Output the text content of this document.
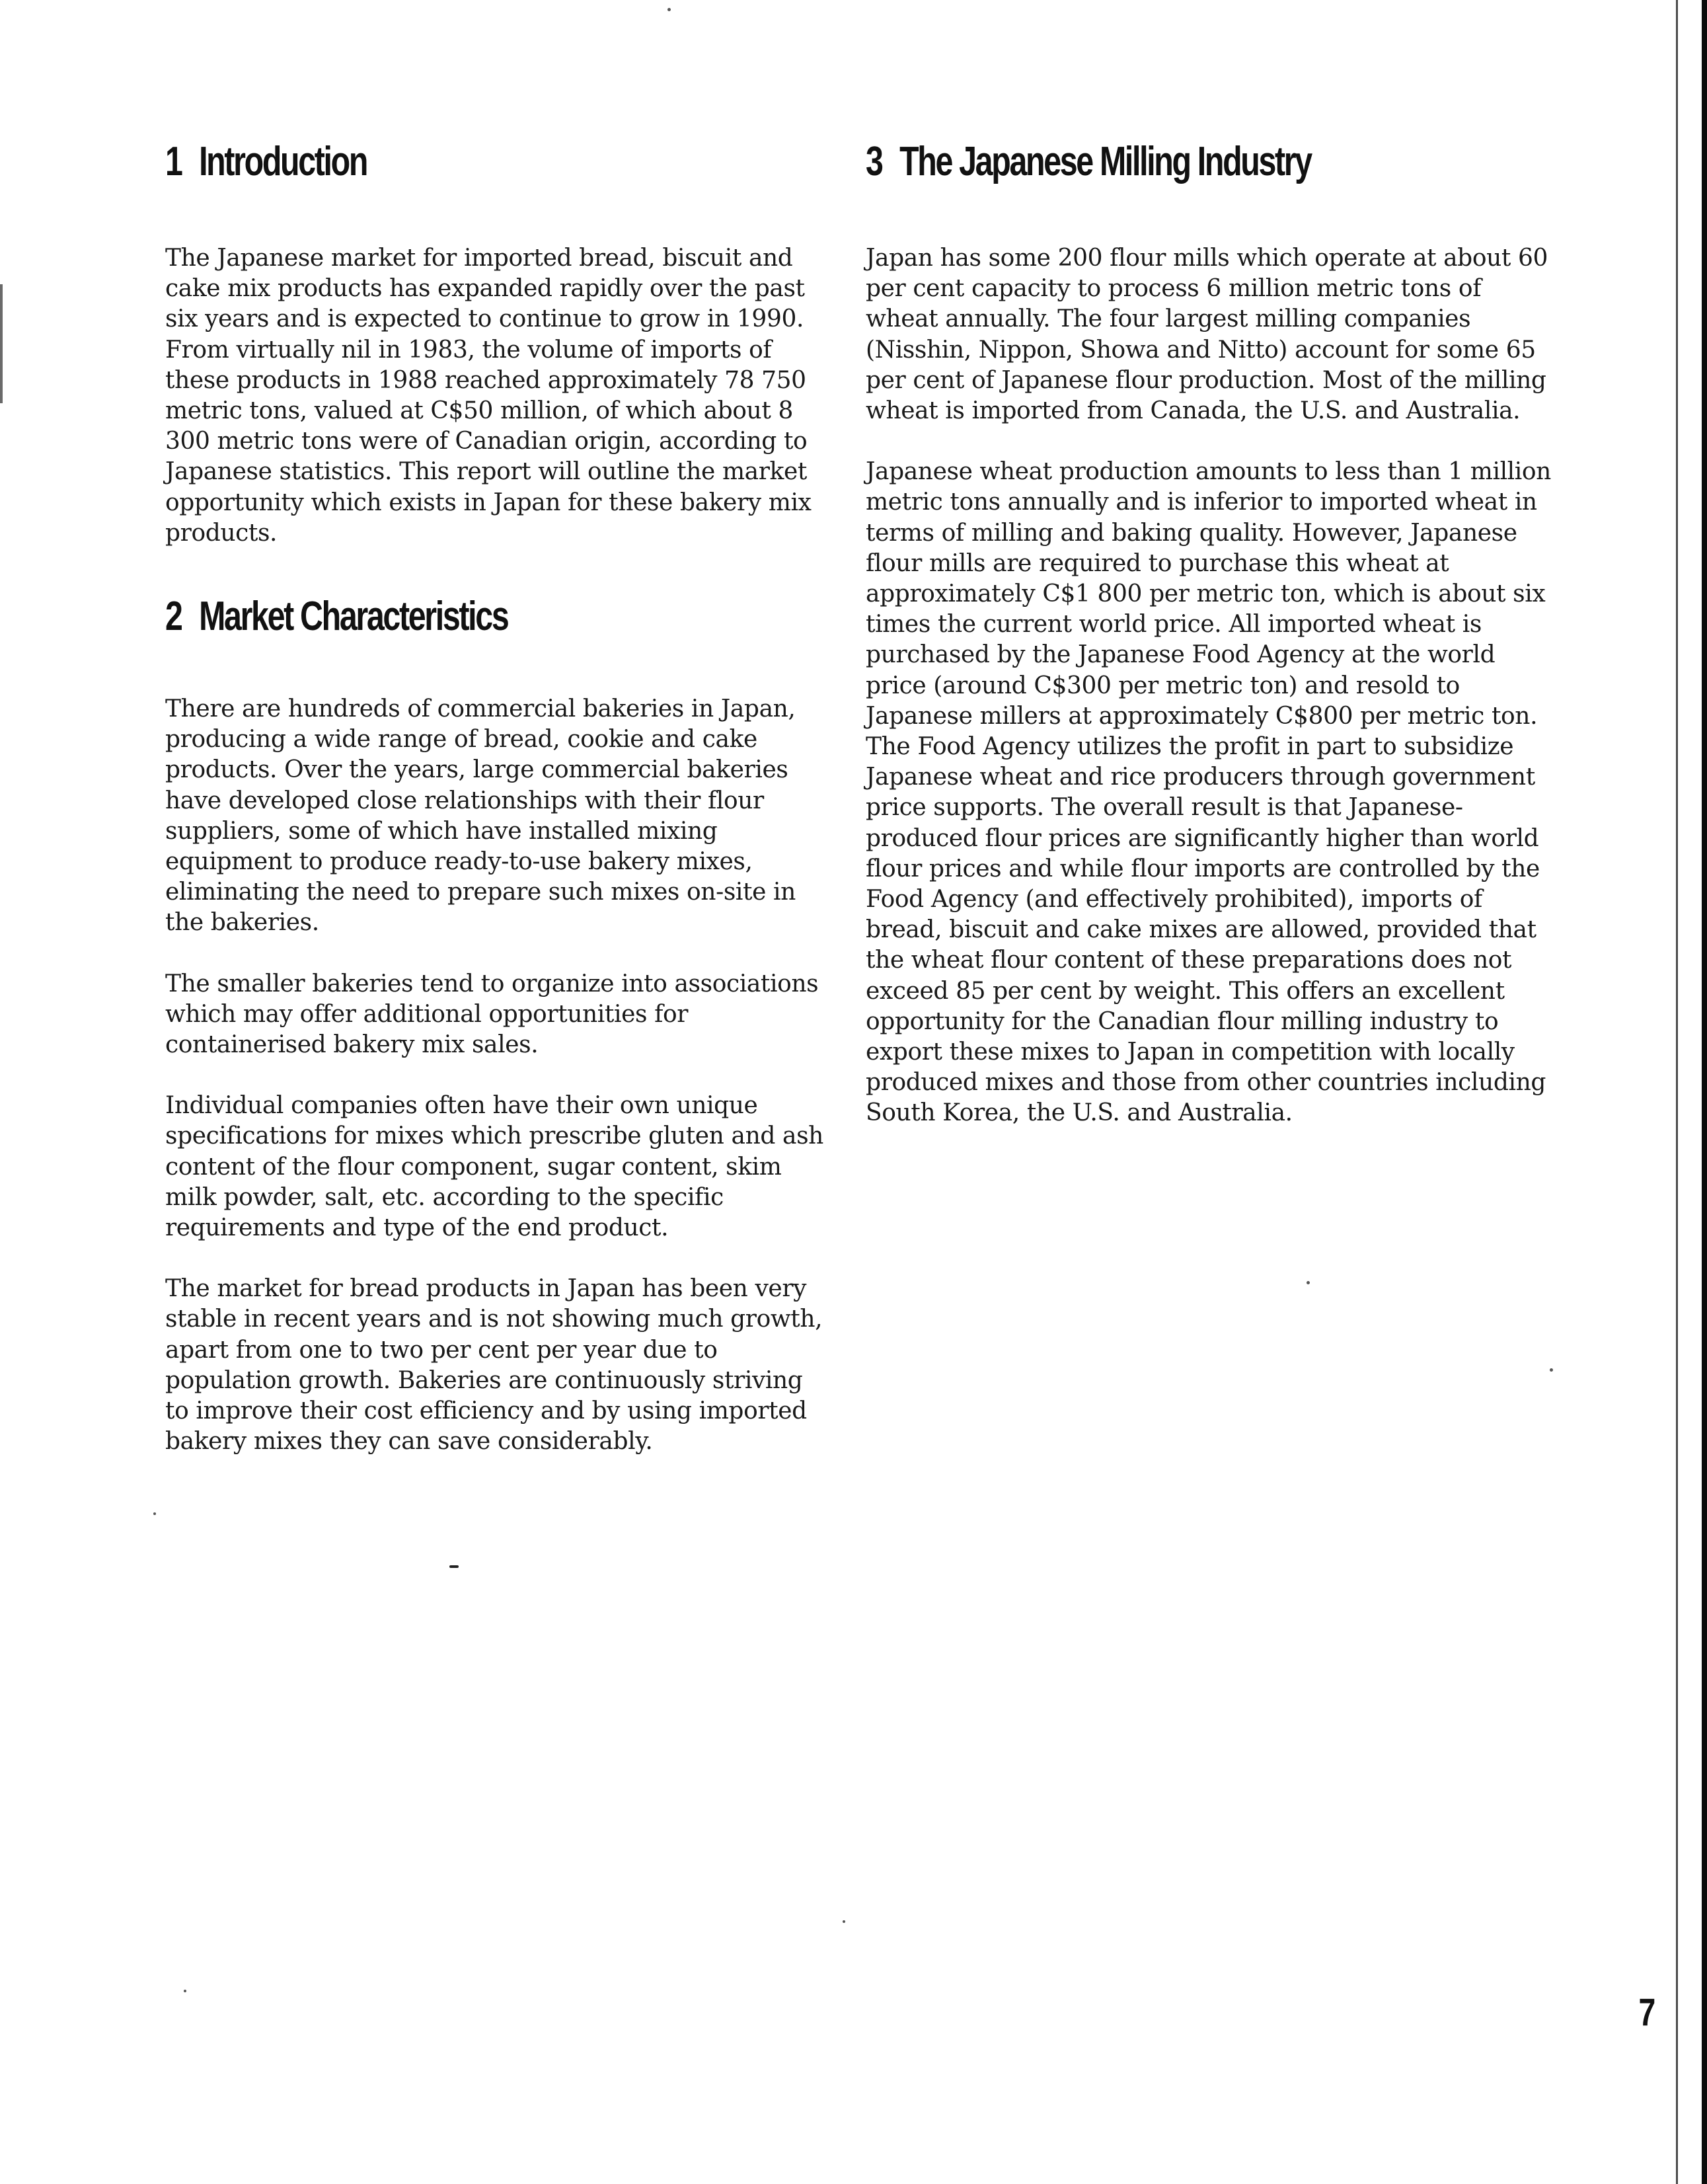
1 Introduction

The Japanese market for imported bread, biscuit and cake mix products has expanded rapidly over the past six years and is expected to continue to grow in 1990. From virtually nil in 1983, the volume of imports of these products in 1988 reached approximately 78 750 metric tons, valued at C$50 million, of which about 8 300 metric tons were of Canadian origin, according to Japanese statistics. This report will outline the market opportunity which exists in Japan for these bakery mix products.

2 Market Characteristics

There are hundreds of commercial bakeries in Japan, producing a wide range of bread, cookie and cake products. Over the years, large commercial bakeries have developed close relationships with their flour suppliers, some of which have installed mixing equipment to produce ready-to-use bakery mixes, eliminating the need to prepare such mixes on-site in the bakeries.

The smaller bakeries tend to organize into associations which may offer additional opportunities for containerised bakery mix sales.

Individual companies often have their own unique specifications for mixes which prescribe gluten and ash content of the flour component, sugar content, skim milk powder, salt, etc. according to the specific requirements and type of the end product.

The market for bread products in Japan has been very stable in recent years and is not showing much growth, apart from one to two per cent per year due to population growth. Bakeries are continuously striving to improve their cost efficiency and by using imported bakery mixes they can save considerably.

3 The Japanese Milling Industry

Japan has some 200 flour mills which operate at about 60 per cent capacity to process 6 million metric tons of wheat annually. The four largest milling companies (Nisshin, Nippon, Showa and Nitto) account for some 65 per cent of Japanese flour production. Most of the milling wheat is imported from Canada, the U.S. and Australia.

Japanese wheat production amounts to less than 1 million metric tons annually and is inferior to imported wheat in terms of milling and baking quality. However, Japanese flour mills are required to purchase this wheat at approximately C$1 800 per metric ton, which is about six times the current world price. All imported wheat is purchased by the Japanese Food Agency at the world price (around C$300 per metric ton) and resold to Japanese millers at approximately C$800 per metric ton. The Food Agency utilizes the profit in part to subsidize Japanese wheat and rice producers through government price supports. The overall result is that Japanese-produced flour prices are significantly higher than world flour prices and while flour imports are controlled by the Food Agency (and effectively prohibited), imports of bread, biscuit and cake mixes are allowed, provided that the wheat flour content of these preparations does not exceed 85 per cent by weight. This offers an excellent opportunity for the Canadian flour milling industry to export these mixes to Japan in competition with locally produced mixes and those from other countries including South Korea, the U.S. and Australia.

7
